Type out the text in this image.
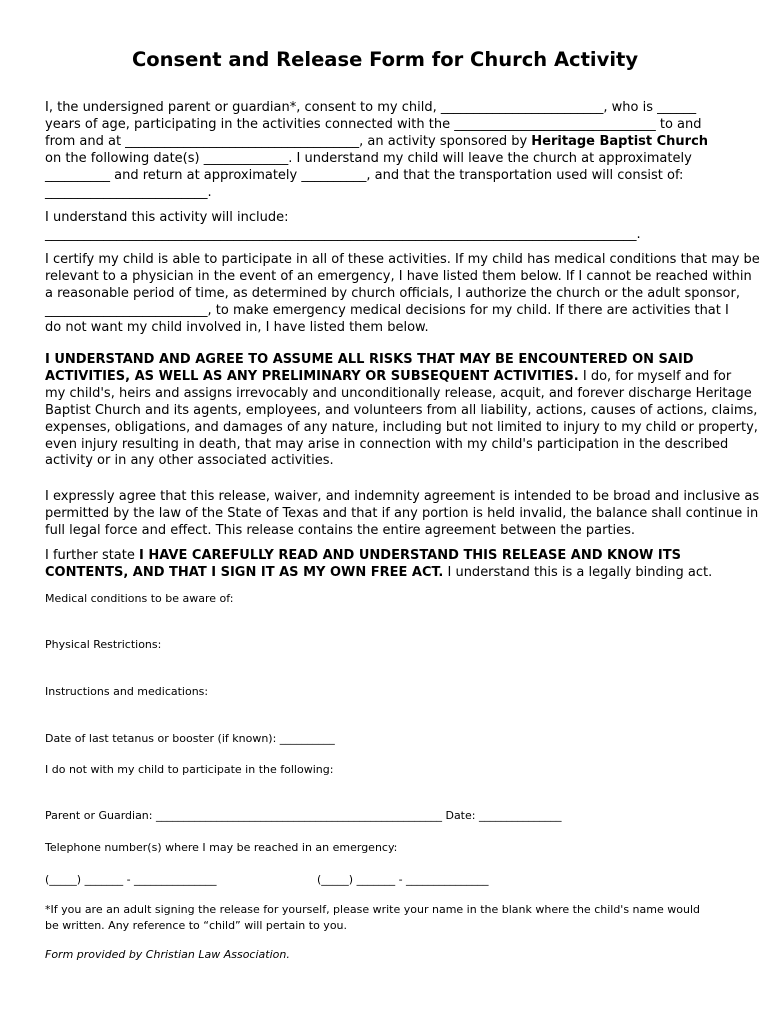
Consent and Release Form for Church Activity
I, the undersigned parent or guardian*, consent to my child, _________________________, who is ______
years of age, participating in the activities connected with the _______________________________ to and
from and at ____________________________________, an activity sponsored by Heritage Baptist Church
on the following date(s) _____________. I understand my child will leave the church at approximately
__________ and return at approximately __________, and that the transportation used will consist of:
_________________________.
I understand this activity will include:
___________________________________________________________________________________________.
I certify my child is able to participate in all of these activities. If my child has medical conditions that may be
relevant to a physician in the event of an emergency, I have listed them below. If I cannot be reached within
a reasonable period of time, as determined by church officials, I authorize the church or the adult sponsor,
_________________________, to make emergency medical decisions for my child. If there are activities that I
do not want my child involved in, I have listed them below.
I UNDERSTAND AND AGREE TO ASSUME ALL RISKS THAT MAY BE ENCOUNTERED ON SAID
ACTIVITIES, AS WELL AS ANY PRELIMINARY OR SUBSEQUENT ACTIVITIES. I do, for myself and for
my child's, heirs and assigns irrevocably and unconditionally release, acquit, and forever discharge Heritage
Baptist Church and its agents, employees, and volunteers from all liability, actions, causes of actions, claims,
expenses, obligations, and damages of any nature, including but not limited to injury to my child or property,
even injury resulting in death, that may arise in connection with my child's participation in the described
activity or in any other associated activities.
I expressly agree that this release, waiver, and indemnity agreement is intended to be broad and inclusive as
permitted by the law of the State of Texas and that if any portion is held invalid, the balance shall continue in
full legal force and effect. This release contains the entire agreement between the parties.
I further state I HAVE CAREFULLY READ AND UNDERSTAND THIS RELEASE AND KNOW ITS
CONTENTS, AND THAT I SIGN IT AS MY OWN FREE ACT. I understand this is a legally binding act.
Medical conditions to be aware of:
Physical Restrictions:
Instructions and medications:
Date of last tetanus or booster (if known): __________
I do not with my child to participate in the following:
Parent or Guardian: ____________________________________________________ Date: _______________
Telephone number(s) where I may be reached in an emergency:
(_____) _______ - _______________	(_____) _______ - _______________
*If you are an adult signing the release for yourself, please write your name in the blank where the child's name would
be written. Any reference to “child” will pertain to you.
Form provided by Christian Law Association.
